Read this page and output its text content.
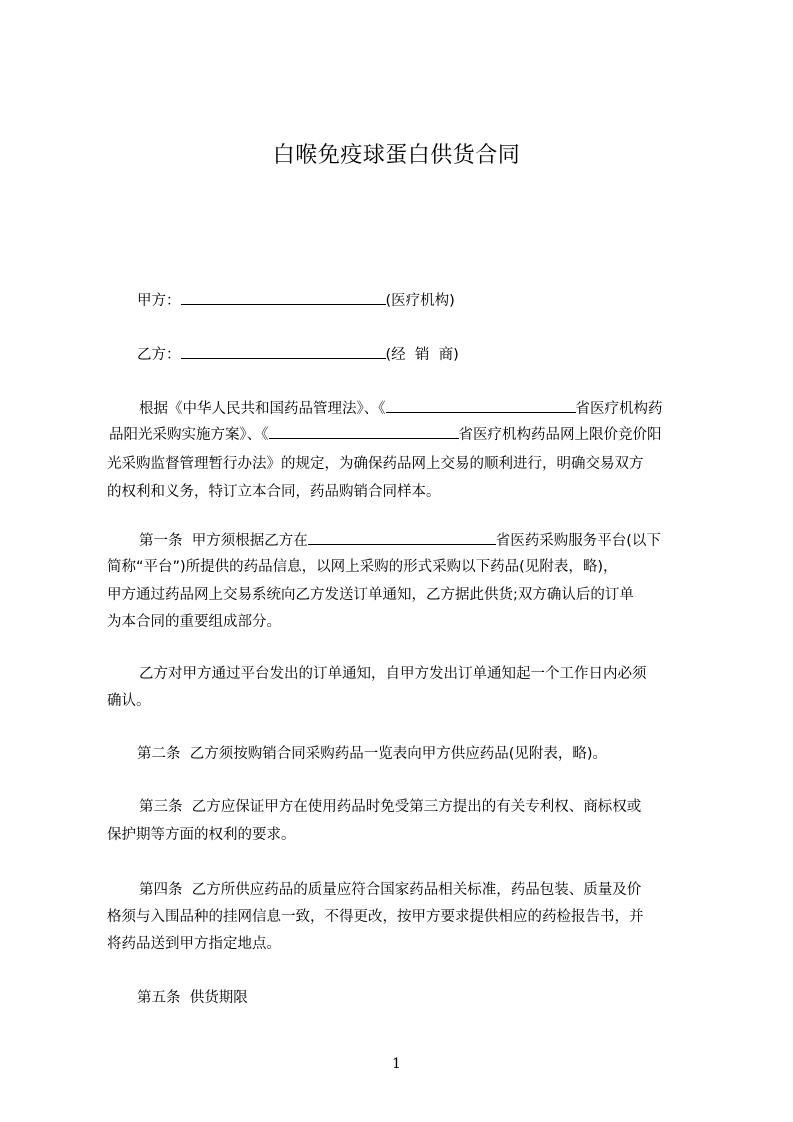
白喉免疫球蛋白供货合同
甲方：	(医疗机构)
乙方：	(经  销  商)
根据《中华人民共和国药品管理法》、《	省医疗机构药
品阳光采购实施方案》、《	省医疗机构药品网上限价竞价阳
光采购监督管理暂行办法》的规定，为确保药品网上交易的顺利进行，明确交易双方
的权利和义务，特订立本合同，药品购销合同样本。
第一条  甲方须根据乙方在	省医药采购服务平台(以下
简称“平台”)所提供的药品信息，以网上采购的形式采购以下药品(见附表，略)，
甲方通过药品网上交易系统向乙方发送订单通知，乙方据此供货;双方确认后的订单
为本合同的重要组成部分。
乙方对甲方通过平台发出的订单通知，自甲方发出订单通知起一个工作日内必须
确认。
第二条  乙方须按购销合同采购药品一览表向甲方供应药品(见附表，略)。
第三条  乙方应保证甲方在使用药品时免受第三方提出的有关专利权、商标权或
保护期等方面的权利的要求。
第四条  乙方所供应药品的质量应符合国家药品相关标准，药品包装、质量及价
格须与入围品种的挂网信息一致，不得更改，按甲方要求提供相应的药检报告书，并
将药品送到甲方指定地点。
第五条  供货期限
1
